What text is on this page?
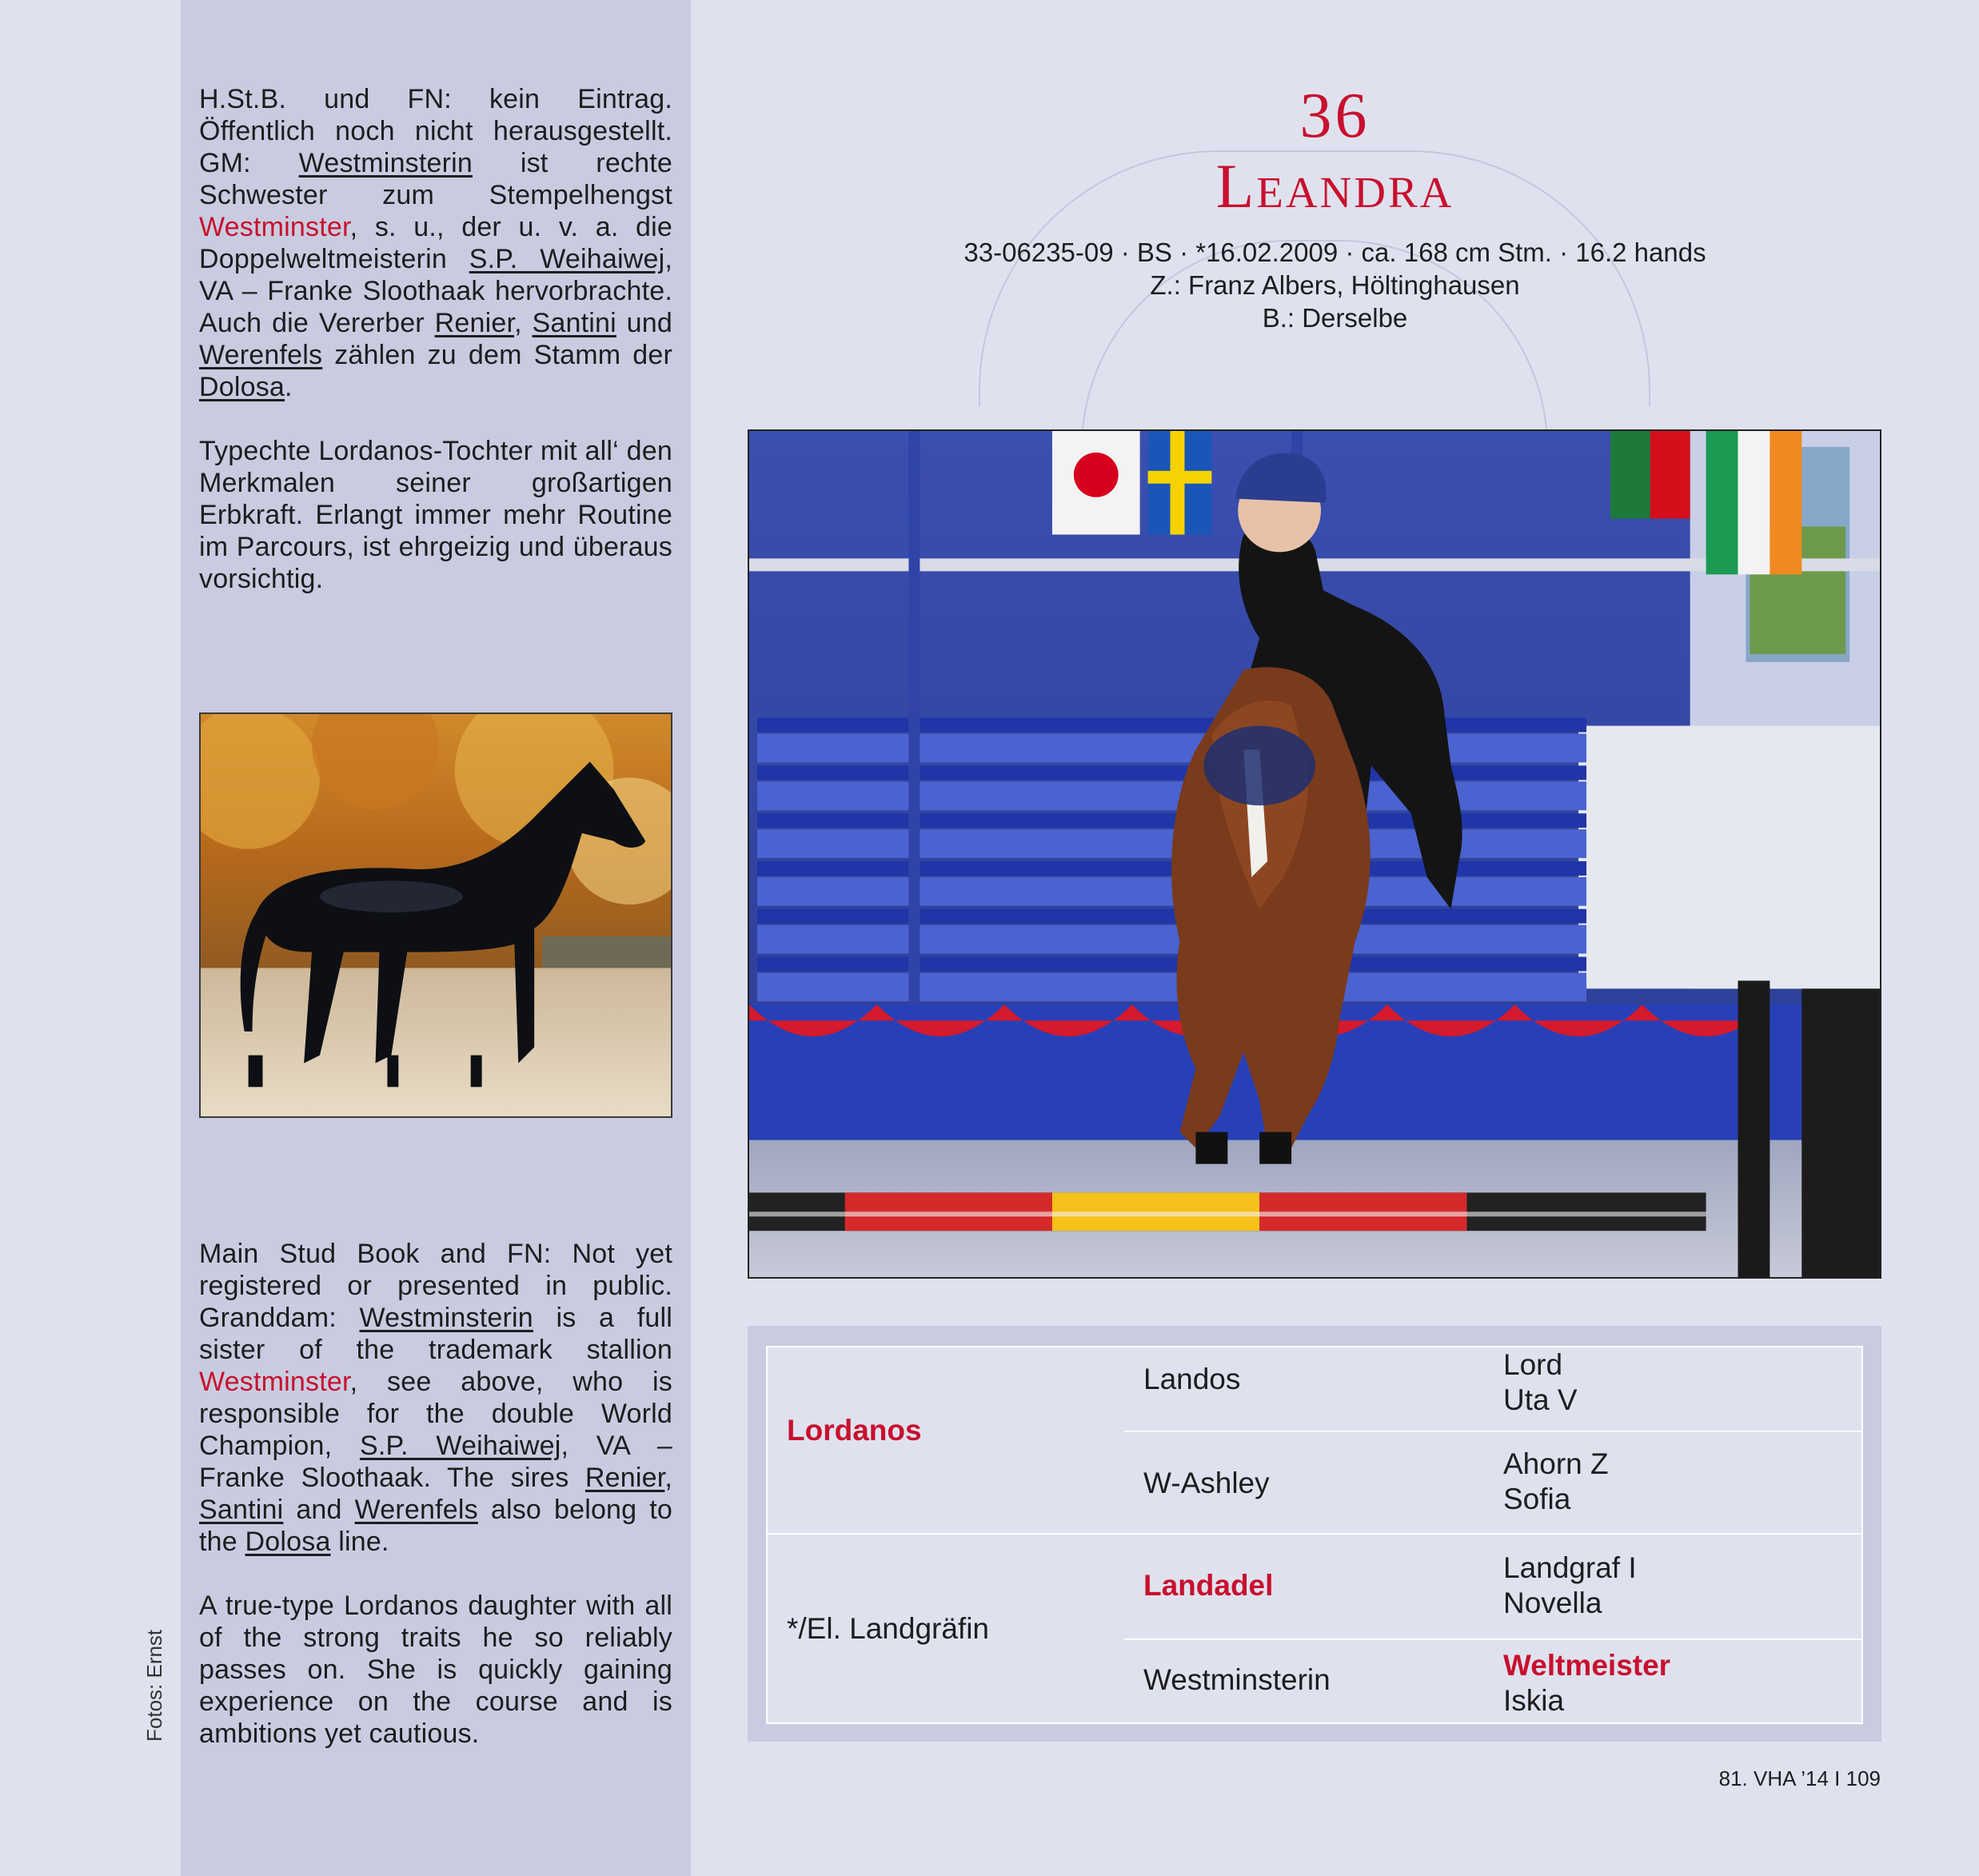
H.St.B. und FN: kein Eintrag. Öffentlich noch nicht herausgestellt. GM: Westminsterin ist rechte Schwester zum Stempelhengst Westminster, s. u., der u. v. a. die Doppelweltmeisterin S.P. Weihaiwej, VA – Franke Sloothaak hervorbrachte. Auch die Vererber Renier, Santini und Werenfels zählen zu dem Stamm der Dolosa.

Typechte Lordanos-Tochter mit all‘ den Merkmalen seiner großartigen Erbkraft. Erlangt immer mehr Routine im Parcours, ist ehrgeizig und überaus vorsichtig.

Main Stud Book and FN: Not yet registered or presented in public. Granddam: Westminsterin is a full sister of the trademark stallion Westminster, see above, who is responsible for the double World Champion, S.P. Weihaiwej, VA – Franke Sloothaak. The sires Renier, Santini and Werenfels also belong to the Dolosa line.

A true-type Lordanos daughter with all of the strong traits he so reliably passes on. She is quickly gaining experience on the course and is ambitions yet cautious.

Fotos: Ernst
36
Leandra
33-06235-09 · BS · *16.02.2009 · ca. 168 cm Stm. · 16.2 hands
Z.: Franz Albers, Höltinghausen
B.: Derselbe
Lordanos
*/El. Landgräfin
Landos
W-Ashley
Landadel
Westminsterin
Lord
Uta V
Ahorn Z
Sofia
Landgraf I
Novella
Weltmeister
Iskia
81. VHA ’14 I 109
